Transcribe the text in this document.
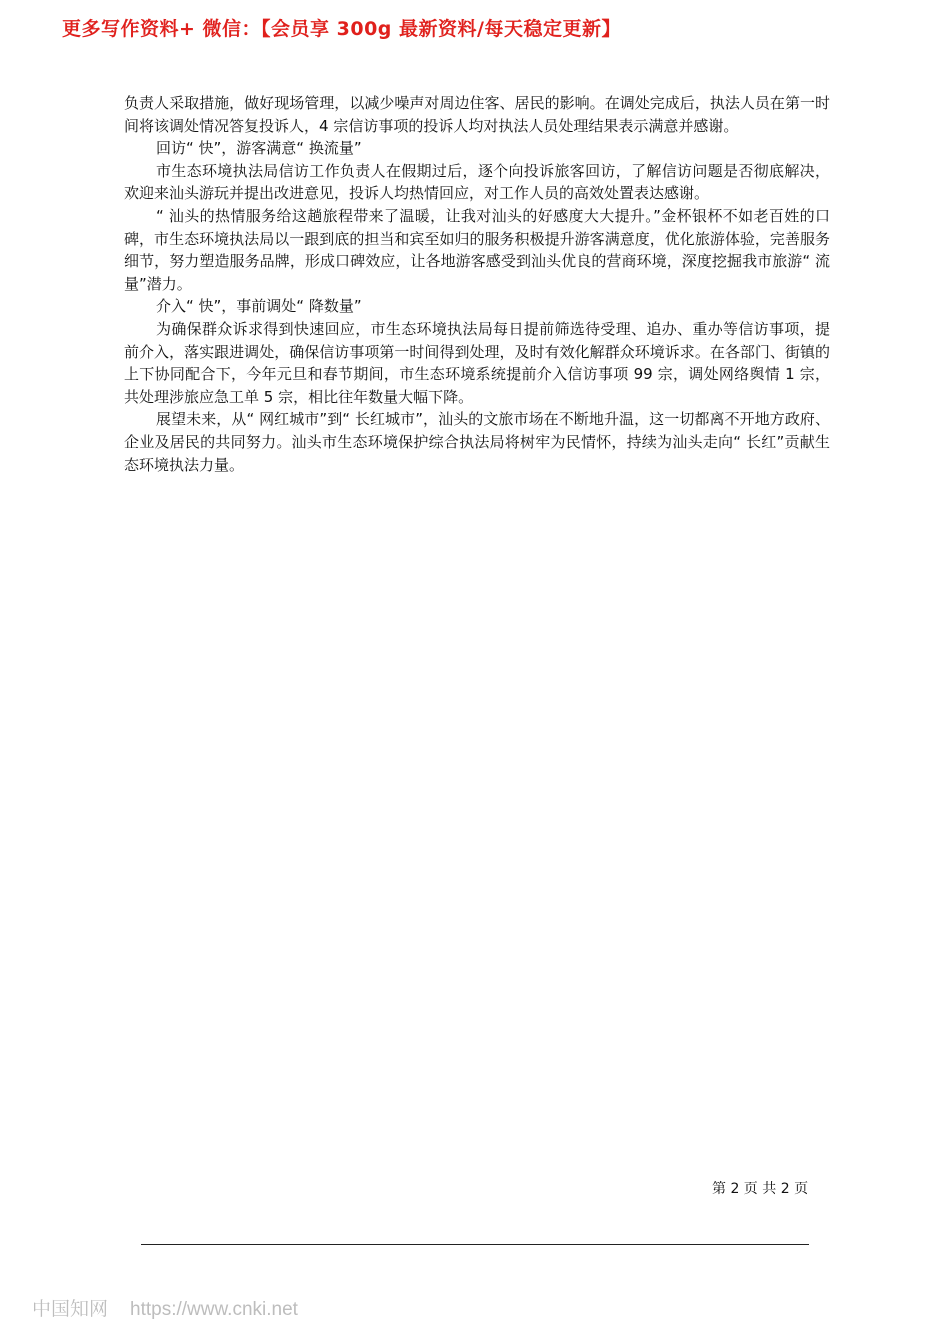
更多写作资料+ 微信：【会员享 300g 最新资料/每天稳定更新】

负责人采取措施，做好现场管理，以减少噪声对周边住客、居民的影响。在调处完成后，执法人员在第一时间将该调处情况答复投诉人，4 宗信访事项的投诉人均对执法人员处理结果表示满意并感谢。

回访“ 快”，游客满意“ 换流量”

市生态环境执法局信访工作负责人在假期过后，逐个向投诉旅客回访，了解信访问题是否彻底解决，欢迎来汕头游玩并提出改进意见，投诉人均热情回应，对工作人员的高效处置表达感谢。

“ 汕头的热情服务给这趟旅程带来了温暖，让我对汕头的好感度大大提升。”金杯银杯不如老百姓的口碑，市生态环境执法局以一跟到底的担当和宾至如归的服务积极提升游客满意度，优化旅游体验，完善服务细节，努力塑造服务品牌，形成口碑效应，让各地游客感受到汕头优良的营商环境，深度挖掘我市旅游“ 流量”潜力。

介入“ 快”，事前调处“ 降数量”

为确保群众诉求得到快速回应，市生态环境执法局每日提前筛选待受理、追办、重办等信访事项，提前介入，落实跟进调处，确保信访事项第一时间得到处理，及时有效化解群众环境诉求。在各部门、街镇的上下协同配合下，今年元旦和春节期间，市生态环境系统提前介入信访事项 99 宗，调处网络舆情 1 宗，共处理涉旅应急工单 5 宗，相比往年数量大幅下降。

展望未来，从“ 网红城市”到“ 长红城市”，汕头的文旅市场在不断地升温，这一切都离不开地方政府、企业及居民的共同努力。汕头市生态环境保护综合执法局将树牢为民情怀，持续为汕头走向“ 长红”贡献生态环境执法力量。

第 2 页 共 2 页
中国知网 https://www.cnki.net
